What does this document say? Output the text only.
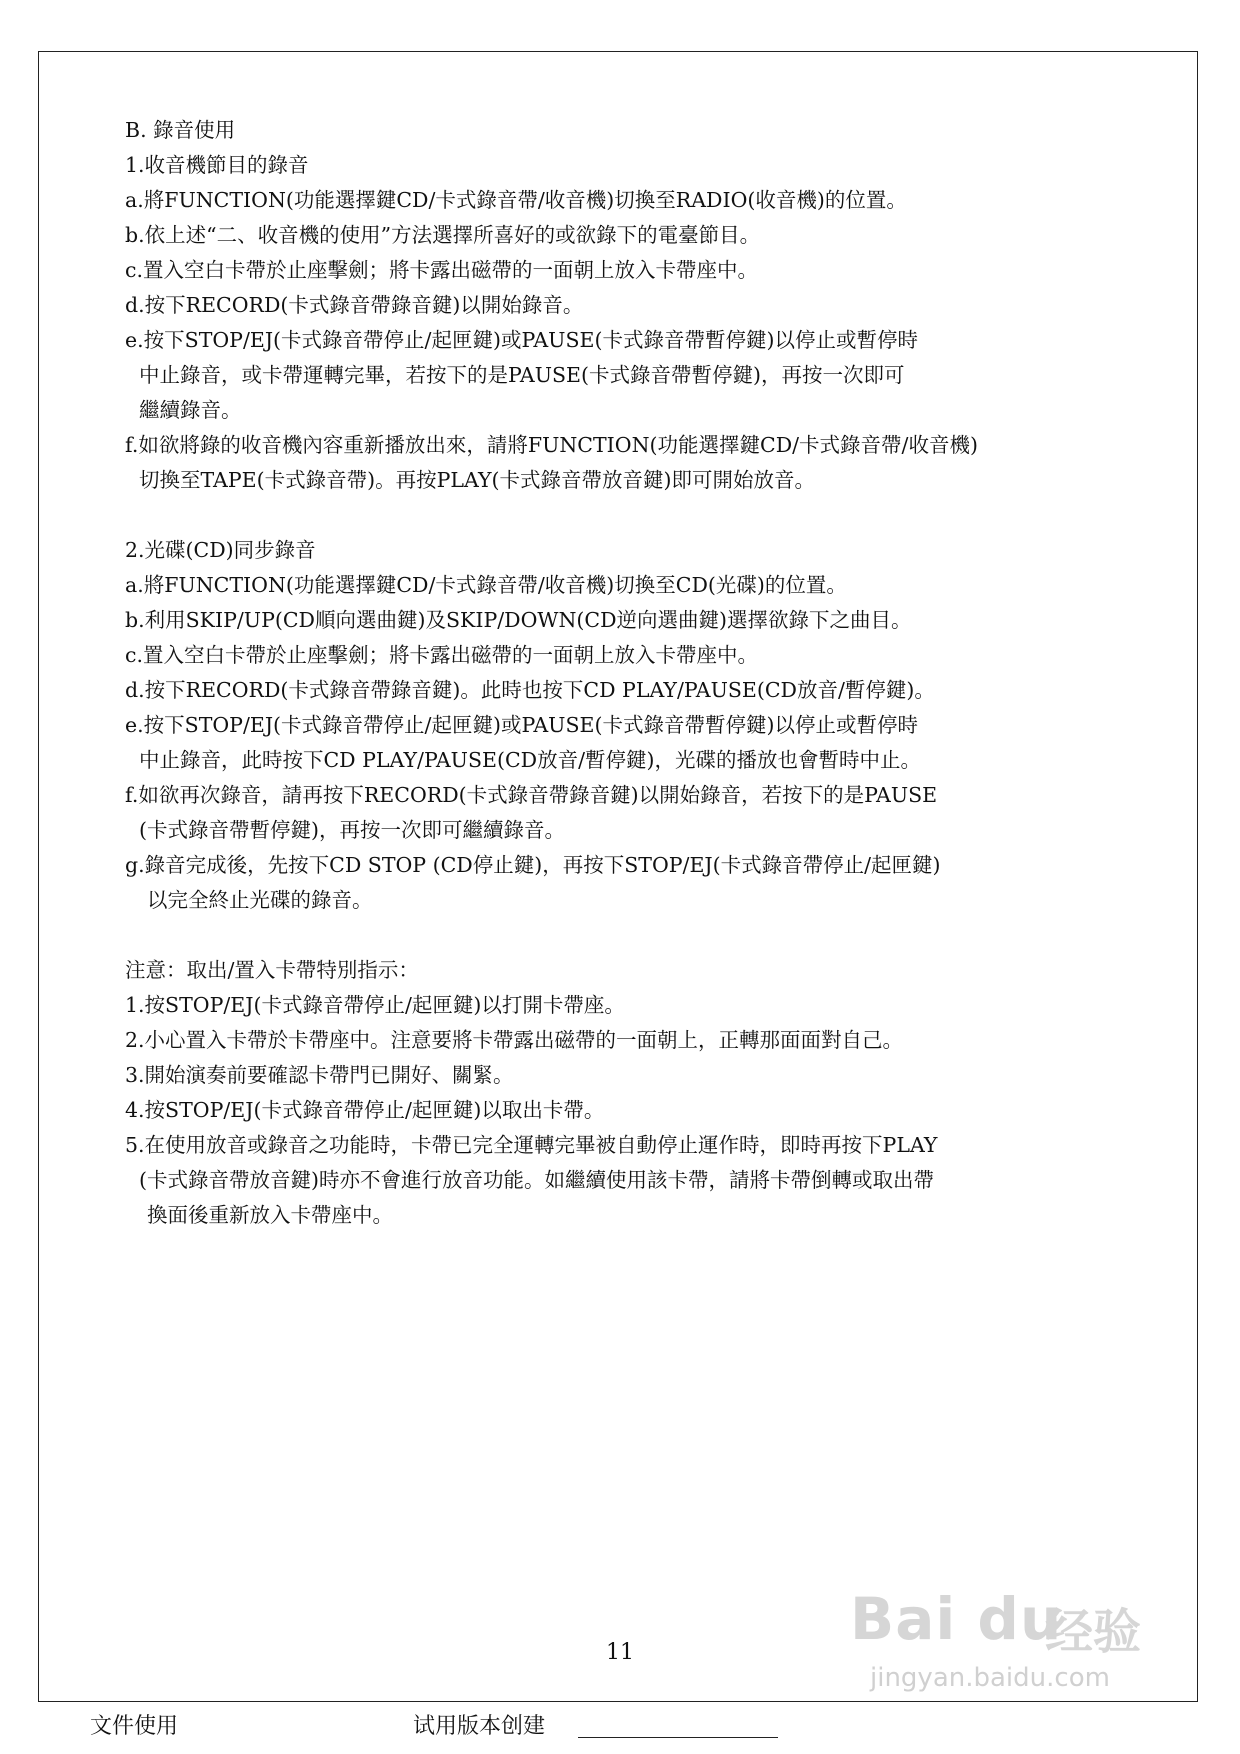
B. 錄音使用
1.收音機節目的錄音
a.將FUNCTION(功能選擇鍵CD/卡式錄音帶/收音機)切換至RADIO(收音機)的位置。
b.依上述“二、收音機的使用”方法選擇所喜好的或欲錄下的電臺節目。
c.置入空白卡帶於止座擊劍；將卡露出磁帶的一面朝上放入卡帶座中。
d.按下RECORD(卡式錄音帶錄音鍵)以開始錄音。
e.按下STOP/EJ(卡式錄音帶停止/起匣鍵)或PAUSE(卡式錄音帶暫停鍵)以停止或暫停時
中止錄音，或卡帶運轉完畢，若按下的是PAUSE(卡式錄音帶暫停鍵)，再按一次即可
繼續錄音。
f.如欲將錄的收音機內容重新播放出來，請將FUNCTION(功能選擇鍵CD/卡式錄音帶/收音機)
切換至TAPE(卡式錄音帶)。再按PLAY(卡式錄音帶放音鍵)即可開始放音。
2.光碟(CD)同步錄音
a.將FUNCTION(功能選擇鍵CD/卡式錄音帶/收音機)切換至CD(光碟)的位置。
b.利用SKIP/UP(CD順向選曲鍵)及SKIP/DOWN(CD逆向選曲鍵)選擇欲錄下之曲目。
c.置入空白卡帶於止座擊劍；將卡露出磁帶的一面朝上放入卡帶座中。
d.按下RECORD(卡式錄音帶錄音鍵)。此時也按下CD PLAY/PAUSE(CD放音/暫停鍵)。
e.按下STOP/EJ(卡式錄音帶停止/起匣鍵)或PAUSE(卡式錄音帶暫停鍵)以停止或暫停時
中止錄音，此時按下CD PLAY/PAUSE(CD放音/暫停鍵)，光碟的播放也會暫時中止。
f.如欲再次錄音，請再按下RECORD(卡式錄音帶錄音鍵)以開始錄音，若按下的是PAUSE
(卡式錄音帶暫停鍵)，再按一次即可繼續錄音。
g.錄音完成後，先按下CD STOP (CD停止鍵)，再按下STOP/EJ(卡式錄音帶停止/起匣鍵)
以完全終止光碟的錄音。
注意：取出/置入卡帶特別指示：
1.按STOP/EJ(卡式錄音帶停止/起匣鍵)以打開卡帶座。
2.小心置入卡帶於卡帶座中。注意要將卡帶露出磁帶的一面朝上，正轉那面面對自己。
3.開始演奏前要確認卡帶門已開好、關緊。
4.按STOP/EJ(卡式錄音帶停止/起匣鍵)以取出卡帶。
5.在使用放音或錄音之功能時，卡帶已完全運轉完畢被自動停止運作時，即時再按下PLAY
(卡式錄音帶放音鍵)時亦不會進行放音功能。如繼續使用該卡帶，請將卡帶倒轉或取出帶
換面後重新放入卡帶座中。
11	Bai du
经验
jingyan.baidu.com
文件使用	试用版本创建
